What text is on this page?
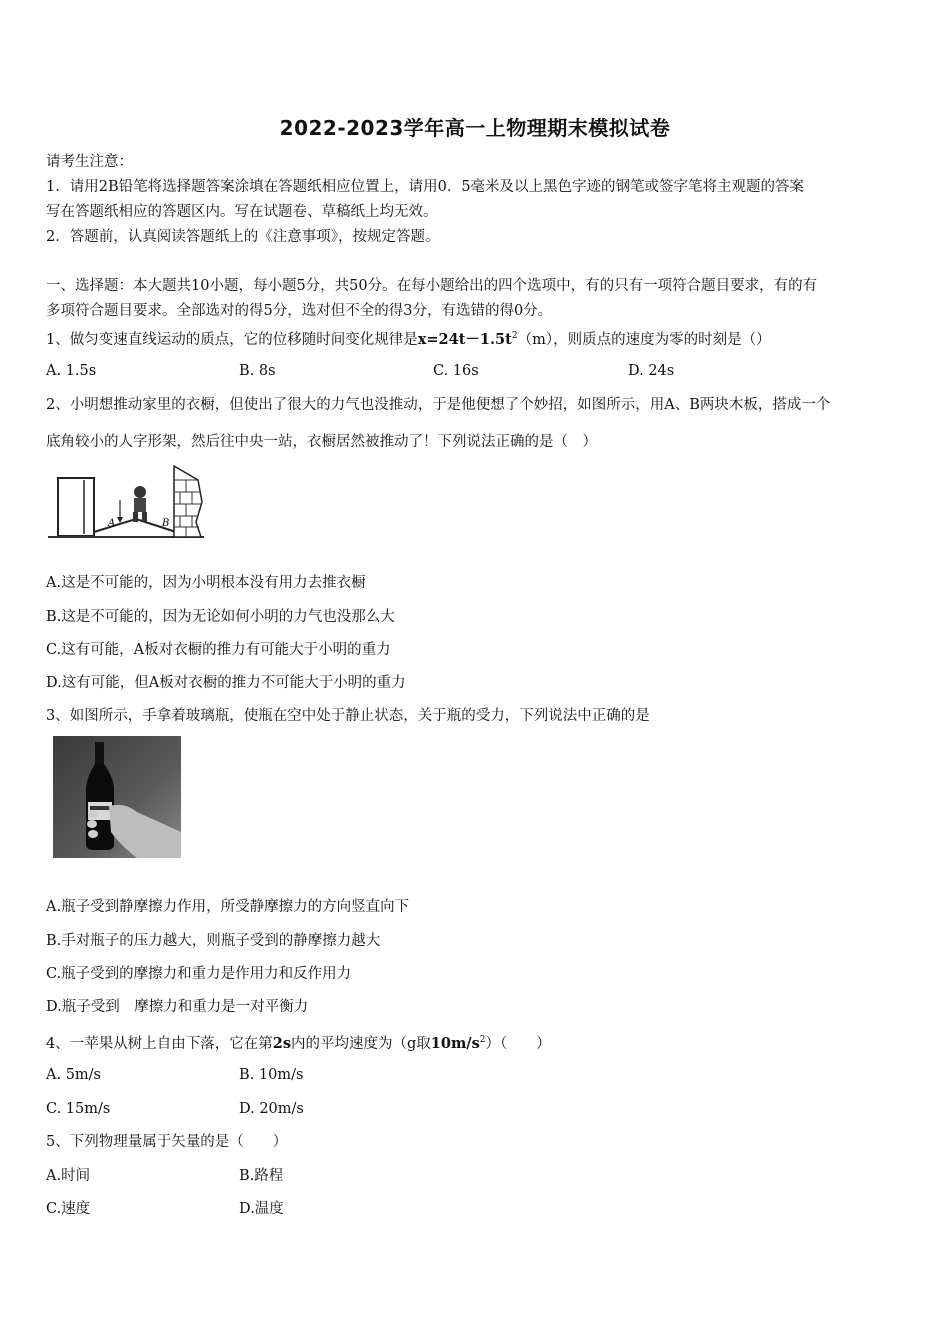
2022-2023学年高一上物理期末模拟试卷
请考生注意：
1．请用2B铅笔将选择题答案涂填在答题纸相应位置上，请用0．5毫米及以上黑色字迹的钢笔或签字笔将主观题的答案
写在答题纸相应的答题区内。写在试题卷、草稿纸上均无效。
2．答题前，认真阅读答题纸上的《注意事项》，按规定答题。
一、选择题：本大题共10小题，每小题5分，共50分。在每小题给出的四个选项中，有的只有一项符合题目要求，有的有
多项符合题目要求。全部选对的得5分，选对但不全的得3分，有选错的得0分。
1、做匀变速直线运动的质点，它的位移随时间变化规律是$x=24t-1.5t^2(m)$，则质点的速度为零的时刻是（）
A. 1.5s	B. 8s	C. 16s	D. 24s
2、小明想推动家里的衣橱，但使出了很大的力气也没推动，于是他便想了个妙招，如图所示，用A、B两块木板，搭成一个
底角较小的人字形架，然后往中央一站，衣橱居然被推动了！下列说法正确的是（　）
A	B
A.这是不可能的，因为小明根本没有用力去推衣橱
B.这是不可能的，因为无论如何小明的力气也没那么大
C.这有可能，A板对衣橱的推力有可能大于小明的重力
D.这有可能，但A板对衣橱的推力不可能大于小明的重力
3、如图所示，手拿着玻璃瓶，使瓶在空中处于静止状态，关于瓶的受力，下列说法中正确的是
A.瓶子受到静摩擦力作用，所受静摩擦力的方向竖直向下
B.手对瓶子的压力越大，则瓶子受到的静摩擦力越大
C.瓶子受到的摩擦力和重力是作用力和反作用力
D.瓶子受到　摩擦力和重力是一对平衡力
4、一苹果从树上自由下落，它在第2s内的平均速度为（g取$10m/s^2$）（　　）
A. 5m/s	B. 10m/s
C. 15m/s	D. 20m/s
5、下列物理量属于矢量的是（　　）
A.时间	B.路程
C.速度	D.温度
